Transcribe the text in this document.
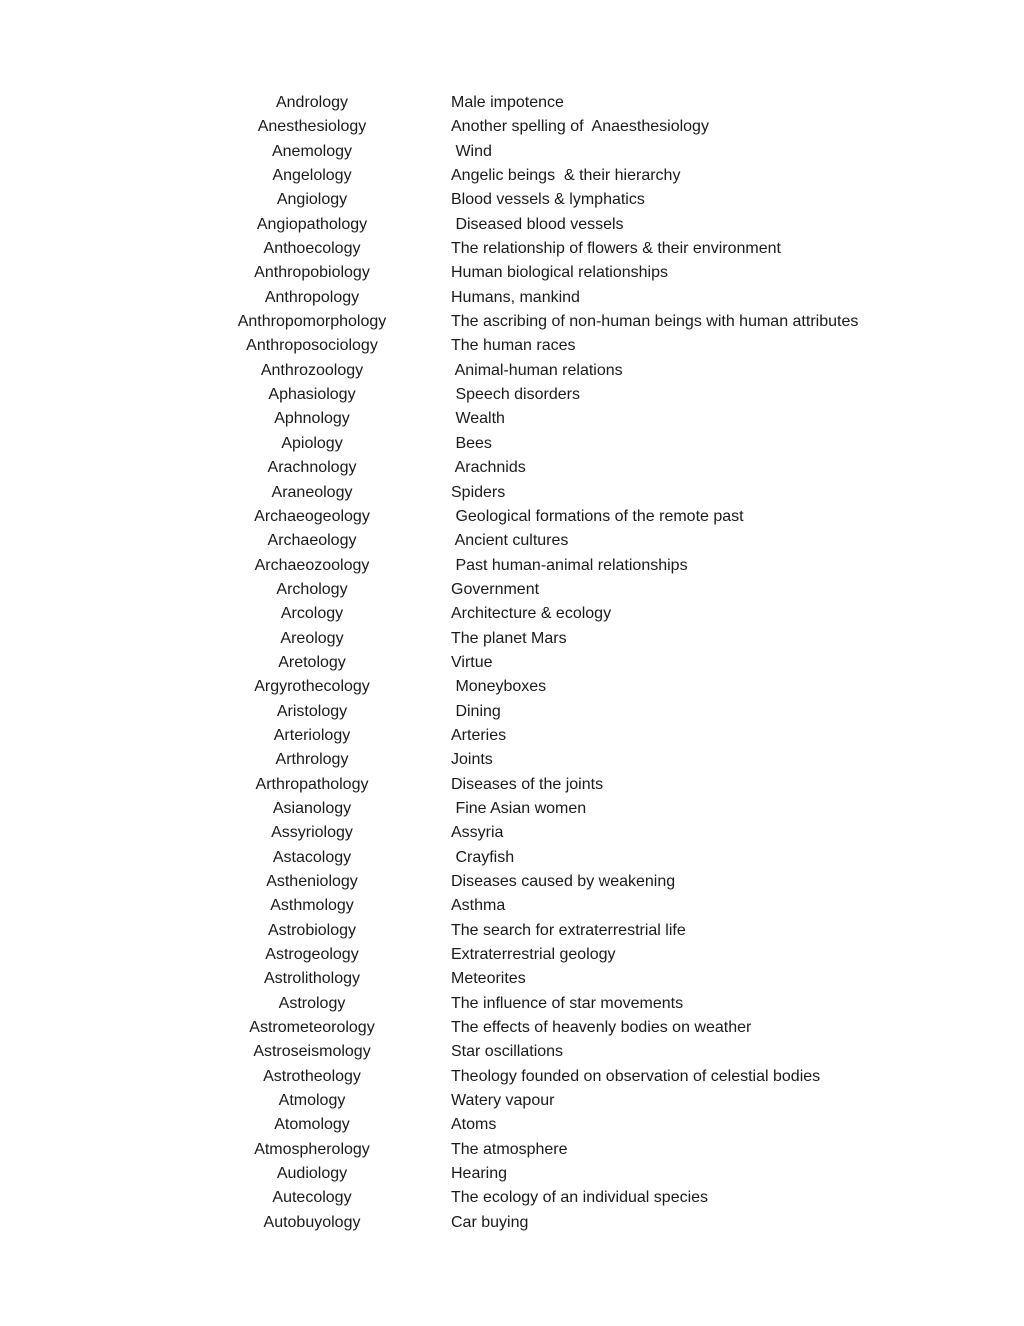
Andrology	Male impotence
Anesthesiology	Another spelling of  Anaesthesiology
Anemology	Wind
Angelology	Angelic beings  & their hierarchy
Angiology	Blood vessels & lymphatics
Angiopathology	Diseased blood vessels
Anthoecology	The relationship of flowers & their environment
Anthropobiology	Human biological relationships
Anthropology	Humans, mankind
Anthropomorphology	The ascribing of non-human beings with human attributes
Anthroposociology	The human races
Anthrozoology	Animal-human relations
Aphasiology	Speech disorders
Aphnology	Wealth
Apiology	Bees
Arachnology	Arachnids
Araneology	Spiders
Archaeogeology	Geological formations of the remote past
Archaeology	Ancient cultures
Archaeozoology	Past human-animal relationships
Archology	Government
Arcology	Architecture & ecology
Areology	The planet Mars
Aretology	Virtue
Argyrothecology	Moneyboxes
Aristology	Dining
Arteriology	Arteries
Arthrology	Joints
Arthropathology	Diseases of the joints
Asianology	Fine Asian women
Assyriology	Assyria
Astacology	Crayfish
Astheniology	Diseases caused by weakening
Asthmology	Asthma
Astrobiology	The search for extraterrestrial life
Astrogeology	Extraterrestrial geology
Astrolithology	Meteorites
Astrology	The influence of star movements
Astrometeorology	The effects of heavenly bodies on weather
Astroseismology	Star oscillations
Astrotheology	Theology founded on observation of celestial bodies
Atmology	Watery vapour
Atomology	Atoms
Atmospherology	The atmosphere
Audiology	Hearing
Autecology	The ecology of an individual species
Autobuyology	Car buying
